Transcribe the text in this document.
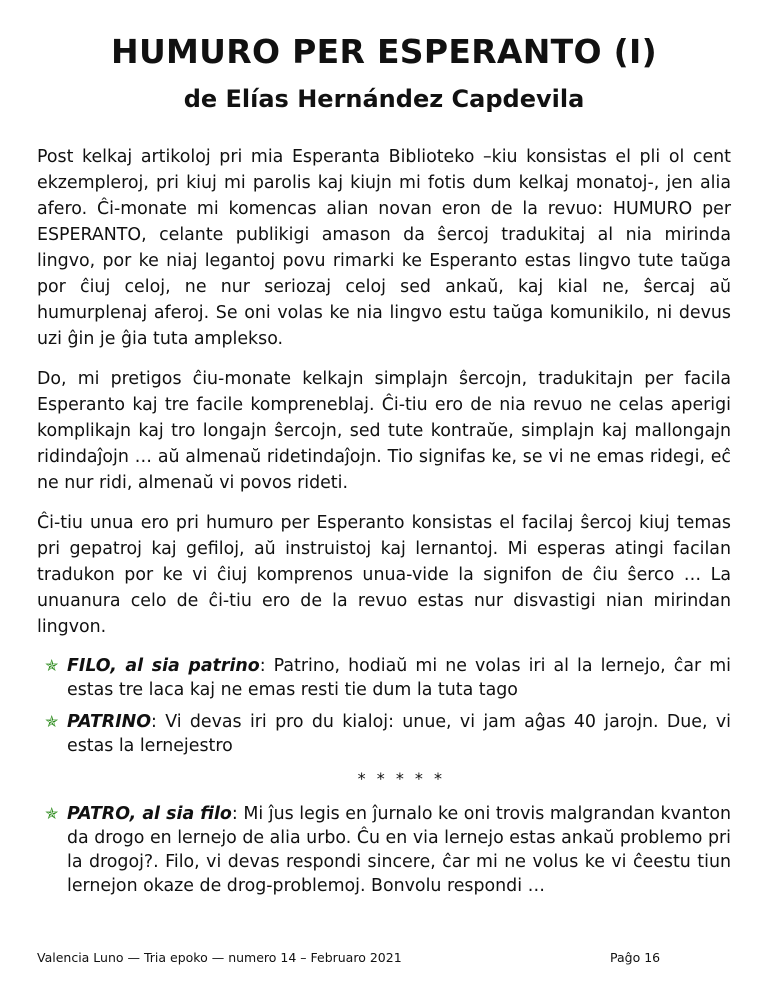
HUMURO PER ESPERANTO (I)
de Elías Hernández Capdevila

Post kelkaj artikoloj pri mia Esperanta Biblioteko –kiu konsistas el pli ol cent ekzempleroj, pri kiuj mi parolis kaj kiujn mi fotis dum kelkaj monatoj-, jen alia afero. Ĉi-monate mi komencas alian novan eron de la revuo: HUMURO per ESPERANTO, celante publikigi amason da ŝercoj tradukitaj al nia mirinda lingvo, por ke niaj legantoj povu rimarki ke Esperanto estas lingvo tute taŭga por ĉiuj celoj, ne nur seriozaj celoj sed ankaŭ, kaj kial ne, ŝercaj aŭ humurplenaj aferoj. Se oni volas ke nia lingvo estu taŭga komunikilo, ni devus uzi ĝin je ĝia tuta amplekso.

Do, mi pretigos ĉiu-monate kelkajn simplajn ŝercojn, tradukitajn per facila Esperanto kaj tre facile kompreneblaj. Ĉi-tiu ero de nia revuo ne celas aperigi komplikajn kaj tro longajn ŝercojn, sed tute kontraŭe, simplajn kaj mallongajn ridindaĵojn … aŭ almenaŭ ridetindaĵojn. Tio signifas ke, se vi ne emas ridegi, eĉ ne nur ridi, almenaŭ vi povos rideti.

Ĉi-tiu unua ero pri humuro per Esperanto konsistas el facilaj ŝercoj kiuj temas pri gepatroj kaj gefiloj, aŭ instruistoj kaj lernantoj. Mi esperas atingi facilan tradukon por ke vi ĉiuj komprenos unua-vide la signifon de ĉiu ŝerco … La unuanura celo de ĉi-tiu ero de la revuo estas nur disvastigi nian mirindan lingvon.

✯ FILO, al sia patrino: Patrino, hodiaŭ mi ne volas iri al la lernejo, ĉar mi estas tre laca kaj ne emas resti tie dum la tuta tago
✯ PATRINO: Vi devas iri pro du kialoj: unue, vi jam aĝas 40 jarojn. Due, vi estas la lernejestro
* * * * *
✯ PATRO, al sia filo: Mi ĵus legis en ĵurnalo ke oni trovis malgrandan kvanton da drogo en lernejo de alia urbo. Ĉu en via lernejo estas ankaŭ problemo pri la drogoj?. Filo, vi devas respondi sincere, ĉar mi ne volus ke vi ĉeestu tiun lernejon okaze de drog-problemoj. Bonvolu respondi …
Valencia Luno — Tria epoko — numero 14 – Februaro 2021	Paĝo 16
